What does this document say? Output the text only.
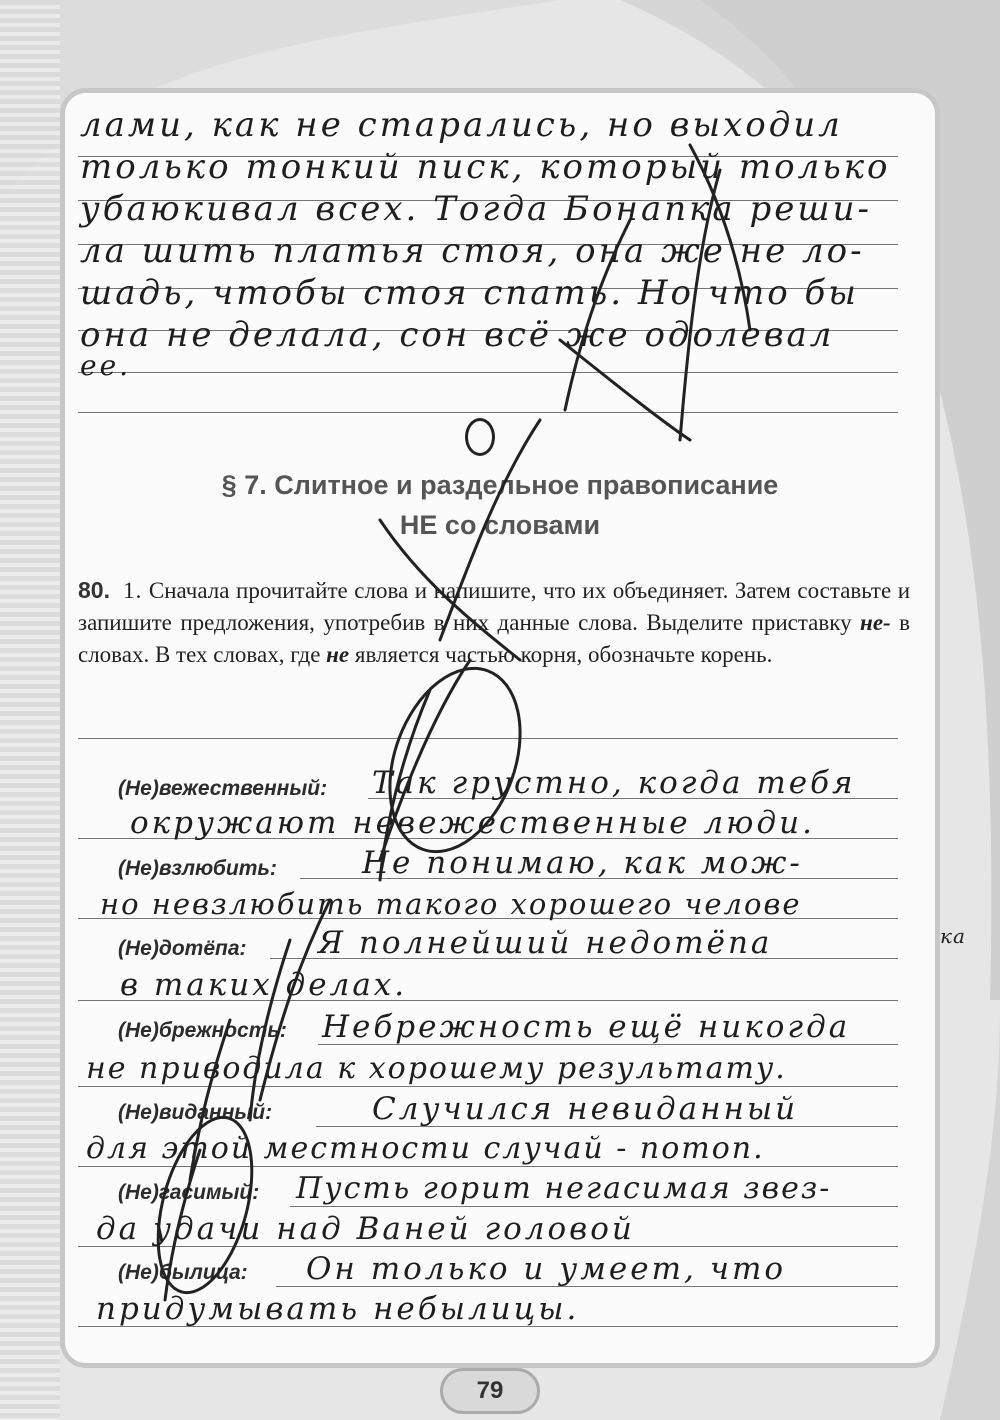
лами, как не старались, но выходил
только тонкий писк, который только
убаюкивал всех. Тогда Бонапка реши-
ла шить платья стоя, она же не ло-
шадь, чтобы стоя спать. Но что бы
она не делала, сон всё же одолевал
ее.
§ 7. Слитное и раздельное правописание
НЕ со словами
80. 1. Сначала прочитайте слова и напишите, что их объединяет. Затем составьте и запишите предложения, употребив в них данные слова. Выделите приставку не- в словах. В тех словах, где не является частью корня, обозначьте корень.
(Не)вежественный:
(Не)взлюбить:
(Не)дотёпа:
(Не)брежность:
(Не)виданный:
(Не)гасимый:
(Не)былица:
Так грустно, когда тебя
окружают невежественные люди.
Не понимаю, как мож-
но невзлюбить такого хорошего челове
ка
Я полнейший недотёпа
в таких делах.
Небрежность ещё никогда
не приводила к хорошему результату.
Случился невиданный
для этой местности случай - потоп.
Пусть горит негасимая звез-
да удачи над Ваней головой
Он только и умеет, что
придумывать небылицы.
79
